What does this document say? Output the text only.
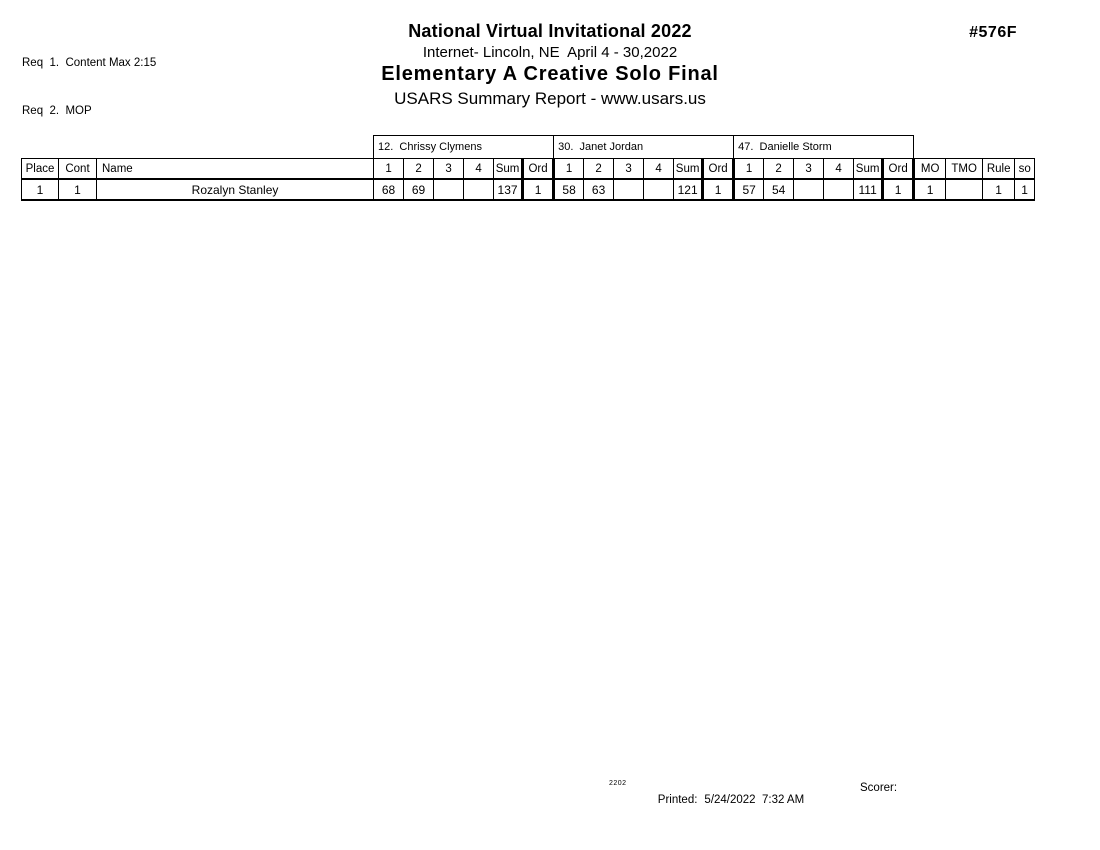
Req  1.  Content Max 2:15

Req  2.  MOP

National Virtual Invitational 2022
Internet- Lincoln, NE  April 4 - 30,2022
Elementary A Creative Solo Final
USARS Summary Report - www.usars.us
#576F
			12.  Chrissy Clymens						30.  Janet Jordan						47.  Danielle Storm									
Place	Cont	Name	1	2	3	4	Sum	Ord	1	2	3	4	Sum	Ord	1	2	3	4	Sum	Ord	MO	TMO	Rule	so
1	1	Rozalyn Stanley	68	69			137	1	58	63			121	1	57	54			111	1	1		1	1
2202

Printed: 5/24/2022  7:32 AM

Scorer:
